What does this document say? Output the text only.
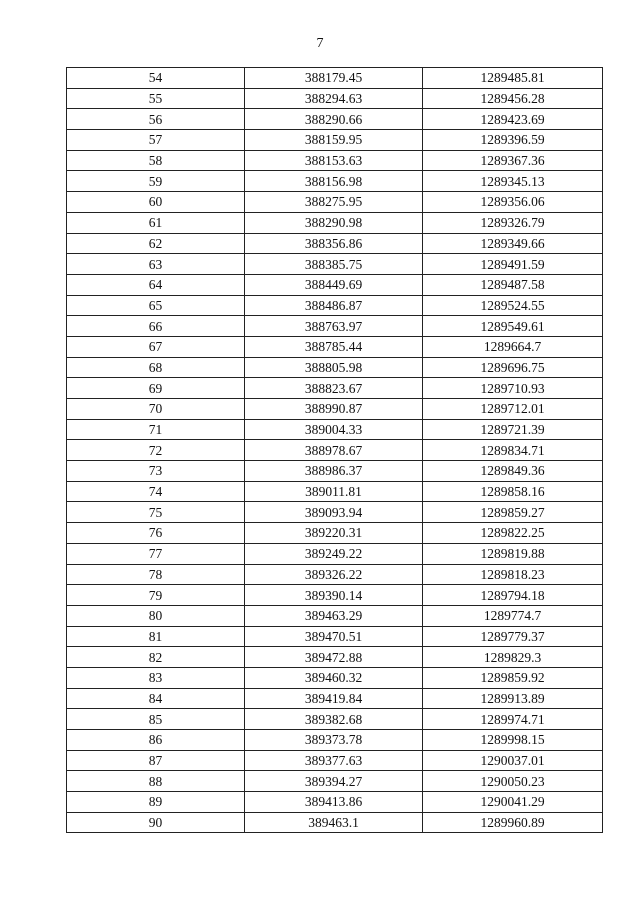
7
54	388179.45	1289485.81
55	388294.63	1289456.28
56	388290.66	1289423.69
57	388159.95	1289396.59
58	388153.63	1289367.36
59	388156.98	1289345.13
60	388275.95	1289356.06
61	388290.98	1289326.79
62	388356.86	1289349.66
63	388385.75	1289491.59
64	388449.69	1289487.58
65	388486.87	1289524.55
66	388763.97	1289549.61
67	388785.44	1289664.7
68	388805.98	1289696.75
69	388823.67	1289710.93
70	388990.87	1289712.01
71	389004.33	1289721.39
72	388978.67	1289834.71
73	388986.37	1289849.36
74	389011.81	1289858.16
75	389093.94	1289859.27
76	389220.31	1289822.25
77	389249.22	1289819.88
78	389326.22	1289818.23
79	389390.14	1289794.18
80	389463.29	1289774.7
81	389470.51	1289779.37
82	389472.88	1289829.3
83	389460.32	1289859.92
84	389419.84	1289913.89
85	389382.68	1289974.71
86	389373.78	1289998.15
87	389377.63	1290037.01
88	389394.27	1290050.23
89	389413.86	1290041.29
90	389463.1	1289960.89
